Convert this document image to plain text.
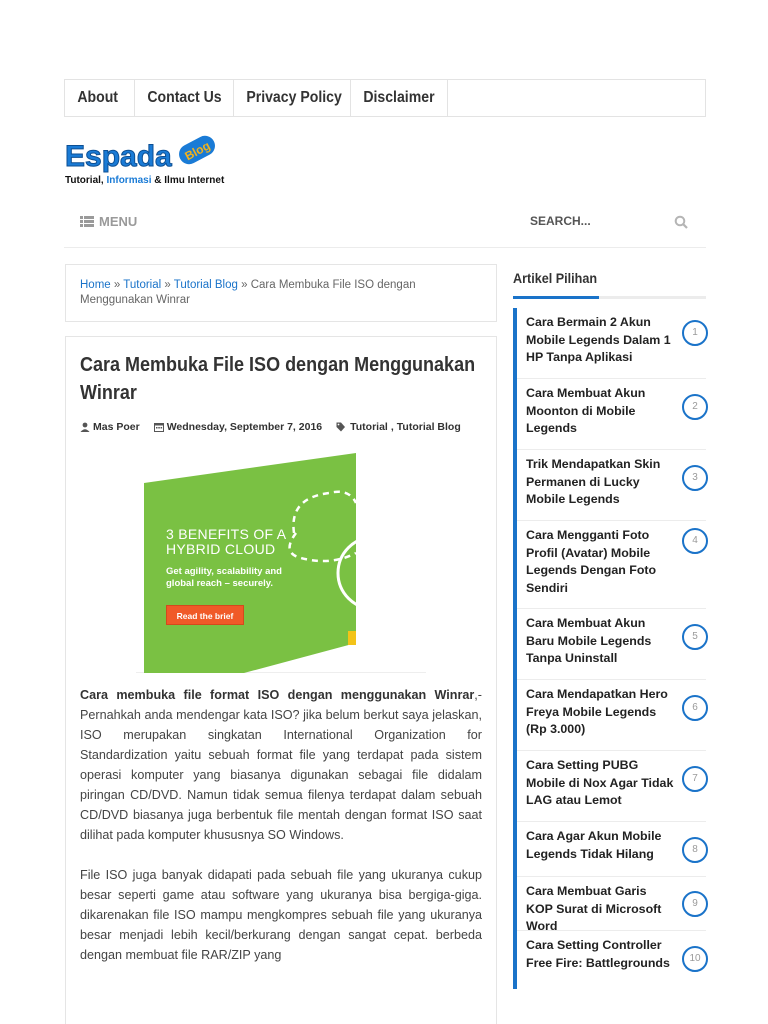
About	Contact Us	Privacy Policy	Disclaimer
Espada Blog
Tutorial, Informasi & Ilmu Internet
MENU
SEARCH...
Home » Tutorial » Tutorial Blog » Cara Membuka File ISO dengan Menggunakan Winrar
Cara Membuka File ISO dengan Menggunakan Winrar
Mas Poer	Wednesday, September 7, 2016	Tutorial , Tutorial Blog
3 BENEFITS OF A
HYBRID CLOUD
Get agility, scalability and global reach – securely.
Read the brief

Cara membuka file format ISO dengan menggunakan Winrar,- Pernahkah anda mendengar kata ISO? jika belum berkut saya jelaskan, ISO merupakan singkatan International Organization for Standardization yaitu sebuah format file yang terdapat pada sistem operasi komputer yang biasanya digunakan sebagai file didalam piringan CD/DVD. Namun tidak semua filenya terdapat dalam sebuah CD/DVD biasanya juga berbentuk file mentah dengan format ISO saat dilihat pada komputer khususnya SO Windows.

File ISO juga banyak didapati pada sebuah file yang ukuranya cukup besar seperti game atau software yang ukuranya bisa bergiga-giga. dikarenakan file ISO mampu mengkompres sebuah file yang ukuranya besar menjadi lebih kecil/berkurang dengan sangat cepat. berbeda dengan membuat file RAR/ZIP yang

Artikel Pilihan
Cara Bermain 2 Akun Mobile Legends Dalam 1 HP Tanpa Aplikasi
1
Cara Membuat Akun Moonton di Mobile Legends
2
Trik Mendapatkan Skin Permanen di Lucky Mobile Legends
3
Cara Mengganti Foto Profil (Avatar) Mobile Legends Dengan Foto Sendiri
4
Cara Membuat Akun Baru Mobile Legends Tanpa Uninstall
5
Cara Mendapatkan Hero Freya Mobile Legends (Rp 3.000)
6
Cara Setting PUBG Mobile di Nox Agar Tidak LAG atau Lemot
7
Cara Agar Akun Mobile Legends Tidak Hilang	8
Cara Membuat Garis KOP Surat di Microsoft Word
9
Cara Setting Controller Free Fire: Battlegrounds	10
